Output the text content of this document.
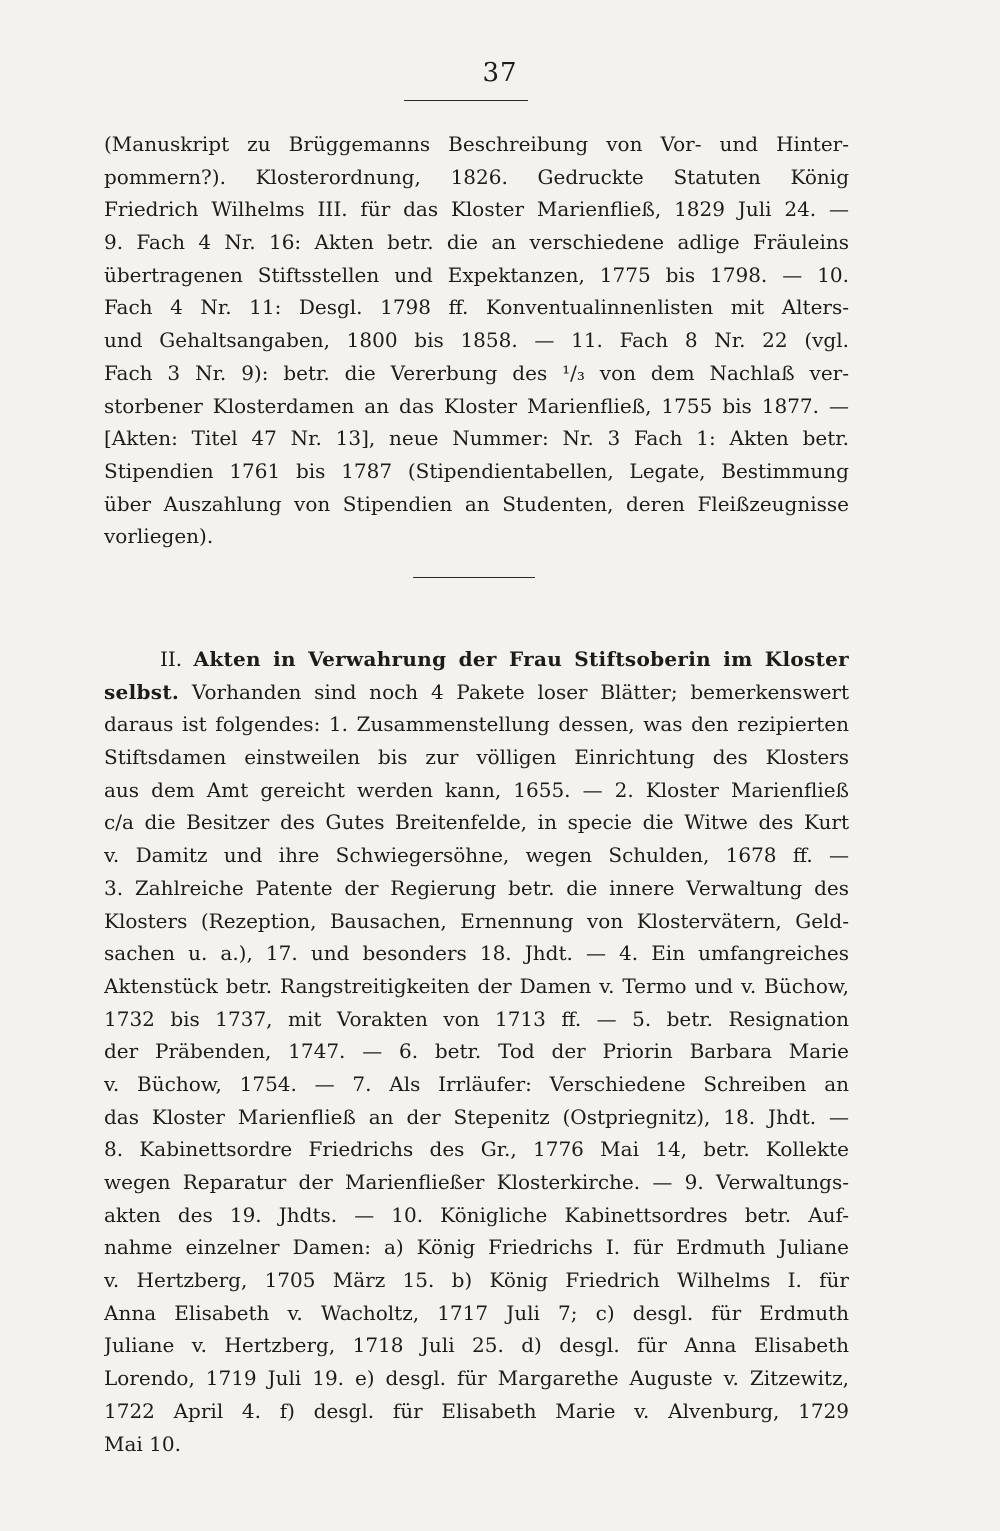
37
(Manuskript zu Brüggemanns Beschreibung von Vor- und Hinter-
pommern?). Klosterordnung, 1826. Gedruckte Statuten König
Friedrich Wilhelms III. für das Kloster Marienfließ, 1829 Juli 24. —
9. Fach 4 Nr. 16: Akten betr. die an verschiedene adlige Fräuleins
übertragenen Stiftsstellen und Expektanzen, 1775 bis 1798. — 10.
Fach 4 Nr. 11: Desgl. 1798 ff. Konventualinnenlisten mit Alters-
und Gehaltsangaben, 1800 bis 1858. — 11. Fach 8 Nr. 22 (vgl.
Fach 3 Nr. 9): betr. die Vererbung des ¹/₃ von dem Nachlaß ver-
storbener Klosterdamen an das Kloster Marienfließ, 1755 bis 1877. —
[Akten: Titel 47 Nr. 13], neue Nummer: Nr. 3 Fach 1: Akten betr.
Stipendien 1761 bis 1787 (Stipendientabellen, Legate, Bestimmung
über Auszahlung von Stipendien an Studenten, deren Fleißzeugnisse
vorliegen).
II. Akten in Verwahrung der Frau Stiftsoberin im Kloster
selbst. Vorhanden sind noch 4 Pakete loser Blätter; bemerkenswert
daraus ist folgendes: 1. Zusammenstellung dessen, was den rezipierten
Stiftsdamen einstweilen bis zur völligen Einrichtung des Klosters
aus dem Amt gereicht werden kann, 1655. — 2. Kloster Marienfließ
c/a die Besitzer des Gutes Breitenfelde, in specie die Witwe des Kurt
v. Damitz und ihre Schwiegersöhne, wegen Schulden, 1678 ff. —
3. Zahlreiche Patente der Regierung betr. die innere Verwaltung des
Klosters (Rezeption, Bausachen, Ernennung von Klostervätern, Geld-
sachen u. a.), 17. und besonders 18. Jhdt. — 4. Ein umfangreiches
Aktenstück betr. Rangstreitigkeiten der Damen v. Termo und v. Büchow,
1732 bis 1737, mit Vorakten von 1713 ff. — 5. betr. Resignation
der Präbenden, 1747. — 6. betr. Tod der Priorin Barbara Marie
v. Büchow, 1754. — 7. Als Irrläufer: Verschiedene Schreiben an
das Kloster Marienfließ an der Stepenitz (Ostpriegnitz), 18. Jhdt. —
8. Kabinettsordre Friedrichs des Gr., 1776 Mai 14, betr. Kollekte
wegen Reparatur der Marienfließer Klosterkirche. — 9. Verwaltungs-
akten des 19. Jhdts. — 10. Königliche Kabinettsordres betr. Auf-
nahme einzelner Damen: a) König Friedrichs I. für Erdmuth Juliane
v. Hertzberg, 1705 März 15. b) König Friedrich Wilhelms I. für
Anna Elisabeth v. Wacholtz, 1717 Juli 7; c) desgl. für Erdmuth
Juliane v. Hertzberg, 1718 Juli 25. d) desgl. für Anna Elisabeth
Lorendo, 1719 Juli 19. e) desgl. für Margarethe Auguste v. Zitzewitz,
1722 April 4. f) desgl. für Elisabeth Marie v. Alvenburg, 1729
Mai 10.
